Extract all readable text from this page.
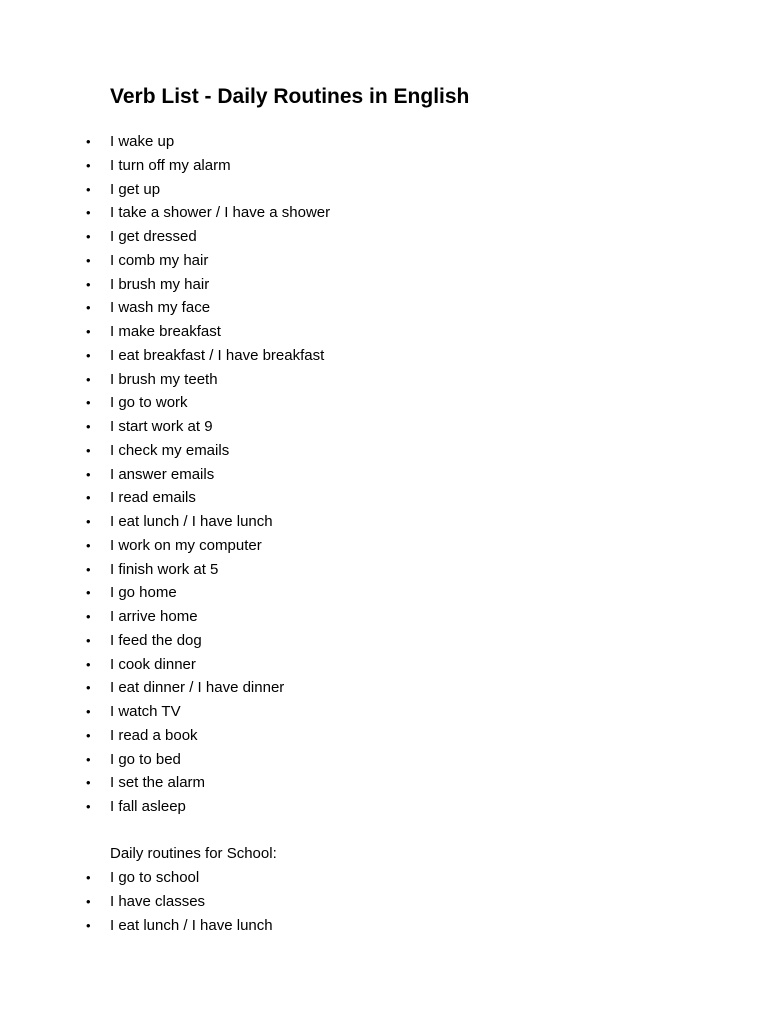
Verb List - Daily Routines in English
• I wake up
• I turn off my alarm
• I get up
• I take a shower / I have a shower
• I get dressed
• I comb my hair
• I brush my hair
• I wash my face
• I make breakfast
• I eat breakfast / I have breakfast
• I brush my teeth
• I go to work
• I start work at 9
• I check my emails
• I answer emails
• I read emails
• I eat lunch / I have lunch
• I work on my computer
• I finish work at 5
• I go home
• I arrive home
• I feed the dog
• I cook dinner
• I eat dinner / I have dinner
• I watch TV
• I read a book
• I go to bed
• I set the alarm
• I fall asleep

Daily routines for School:

• I go to school
• I have classes
• I eat lunch / I have lunch
